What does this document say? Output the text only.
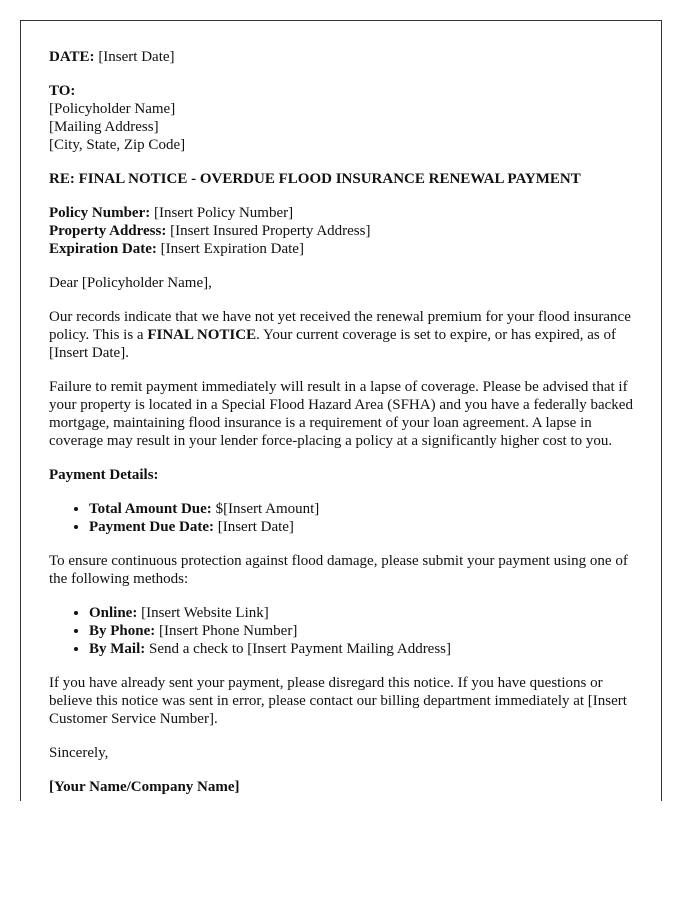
DATE: [Insert Date]

TO:
[Policyholder Name]
[Mailing Address]
[City, State, Zip Code]

RE: FINAL NOTICE - OVERDUE FLOOD INSURANCE RENEWAL PAYMENT

Policy Number: [Insert Policy Number]
Property Address: [Insert Insured Property Address]
Expiration Date: [Insert Expiration Date]

Dear [Policyholder Name],

Our records indicate that we have not yet received the renewal premium for your flood insurance policy. This is a FINAL NOTICE. Your current coverage is set to expire, or has expired, as of [Insert Date].

Failure to remit payment immediately will result in a lapse of coverage. Please be advised that if your property is located in a Special Flood Hazard Area (SFHA) and you have a federally backed mortgage, maintaining flood insurance is a requirement of your loan agreement. A lapse in coverage may result in your lender force-placing a policy at a significantly higher cost to you.

Payment Details:

• Total Amount Due: $[Insert Amount]
• Payment Due Date: [Insert Date]

To ensure continuous protection against flood damage, please submit your payment using one of the following methods:

• Online: [Insert Website Link]
• By Phone: [Insert Phone Number]
• By Mail: Send a check to [Insert Payment Mailing Address]

If you have already sent your payment, please disregard this notice. If you have questions or believe this notice was sent in error, please contact our billing department immediately at [Insert Customer Service Number].

Sincerely,

[Your Name/Company Name]
